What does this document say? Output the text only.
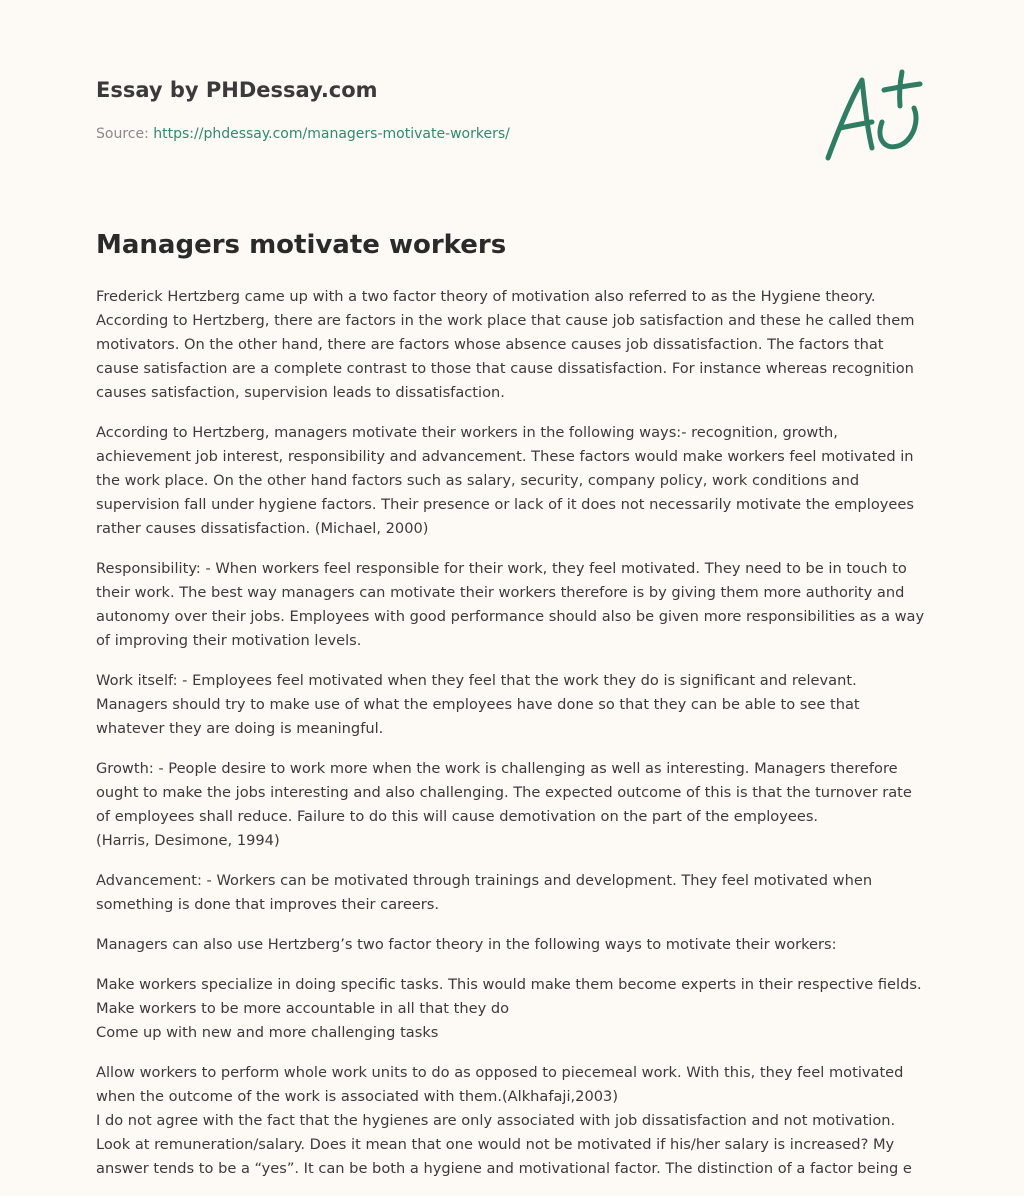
Essay by PHDessay.com
Source: https://phdessay.com/managers-motivate-workers/
Managers motivate workers

Frederick Hertzberg came up with a two factor theory of motivation also referred to as the Hygiene theory. According to Hertzberg, there are factors in the work place that cause job satisfaction and these he called them motivators. On the other hand, there are factors whose absence causes job dissatisfaction. The factors that cause satisfaction are a complete contrast to those that cause dissatisfaction. For instance whereas recognition causes satisfaction, supervision leads to dissatisfaction.

According to Hertzberg, managers motivate their workers in the following ways:- recognition, growth, achievement job interest, responsibility and advancement. These factors would make workers feel motivated in the work place. On the other hand factors such as salary, security, company policy, work conditions and supervision fall under hygiene factors. Their presence or lack of it does not necessarily motivate the employees rather causes dissatisfaction. (Michael, 2000)

Responsibility: - When workers feel responsible for their work, they feel motivated. They need to be in touch to their work. The best way managers can motivate their workers therefore is by giving them more authority and autonomy over their jobs. Employees with good performance should also be given more responsibilities as a way of improving their motivation levels.

Work itself: - Employees feel motivated when they feel that the work they do is significant and relevant. Managers should try to make use of what the employees have done so that they can be able to see that whatever they are doing is meaningful.

Growth: - People desire to work more when the work is challenging as well as interesting. Managers therefore ought to make the jobs interesting and also challenging. The expected outcome of this is that the turnover rate of employees shall reduce. Failure to do this will cause demotivation on the part of the employees.

(Harris, Desimone, 1994)

Advancement: - Workers can be motivated through trainings and development. They feel motivated when something is done that improves their careers.

Managers can also use Hertzberg’s two factor theory in the following ways to motivate their workers:

Make workers specialize in doing specific tasks. This would make them become experts in their respective fields.

Make workers to be more accountable in all that they do

Come up with new and more challenging tasks

Allow workers to perform whole work units to do as opposed to piecemeal work. With this, they feel motivated when the outcome of the work is associated with them.(Alkhafaji,2003)

I do not agree with the fact that the hygienes are only associated with job dissatisfaction and not motivation. Look at remuneration/salary. Does it mean that one would not be motivated if his/her salary is increased? My answer tends to be a “yes”. It can be both a hygiene and motivational factor. The distinction of a factor being e
